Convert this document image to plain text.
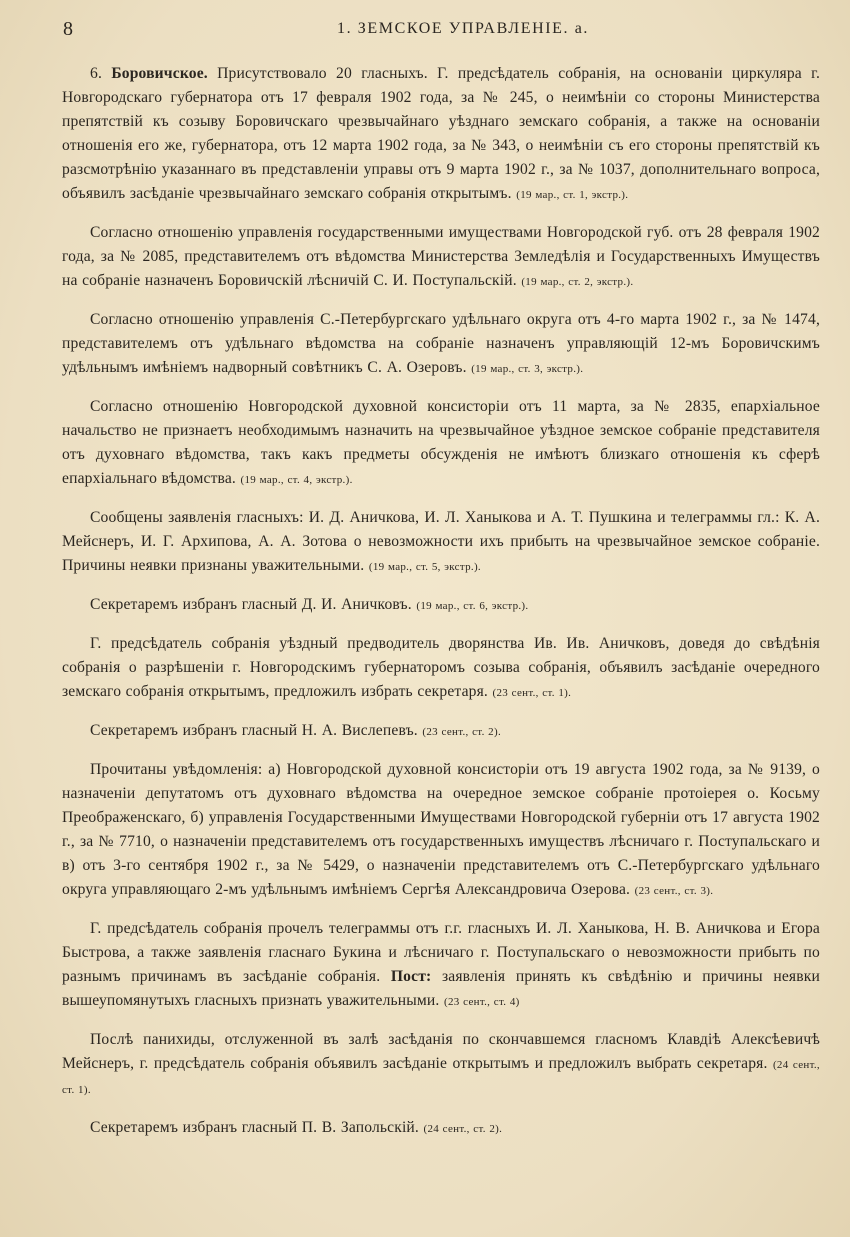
8	1. ЗЕМСКОЕ УПРАВЛЕНІЕ. а.

6. Боровичское. Присутствовало 20 гласныхъ. Г. предсѣдатель собранія, на основаніи циркуляра г. Новгородскаго губернатора отъ 17 февраля 1902 года, за № 245, о неимѣніи со стороны Министерства препятствій къ созыву Боровичскаго чрезвычайнаго уѣзднаго земскаго собранія, а также на основаніи отношенія его же, губернатора, отъ 12 марта 1902 года, за № 343, о неимѣніи съ его стороны препятствій къ разсмотрѣнію указаннаго въ представленіи управы отъ 9 марта 1902 г., за № 1037, дополнительнаго вопроса, объявилъ засѣданіе чрезвычайнаго земскаго собранія открытымъ. (19 мар., ст. 1, экстр.).

Согласно отношенію управленія государственными имуществами Новгородской губ. отъ 28 февраля 1902 года, за № 2085, представителемъ отъ вѣдомства Министерства Земледѣлія и Государственныхъ Имуществъ на собраніе назначенъ Боровичскій лѣсничій С. И. Поступальскій. (19 мар., ст. 2, экстр.).

Согласно отношенію управленія С.-Петербургскаго удѣльнаго округа отъ 4-го марта 1902 г., за № 1474, представителемъ отъ удѣльнаго вѣдомства на собраніе назначенъ управляющій 12-мъ Боровичскимъ удѣльнымъ имѣніемъ надворный совѣтникъ С. А. Озеровъ. (19 мар., ст. 3, экстр.).

Согласно отношенію Новгородской духовной консисторіи отъ 11 марта, за № 2835, епархіальное начальство не признаетъ необходимымъ назначить на чрезвычайное уѣздное земское собраніе представителя отъ духовнаго вѣдомства, такъ какъ предметы обсужденія не имѣютъ близкаго отношенія къ сферѣ епархіальнаго вѣдомства. (19 мар., ст. 4, экстр.).

Сообщены заявленія гласныхъ: И. Д. Аничкова, И. Л. Ханыкова и А. Т. Пушкина и телеграммы гл.: К. А. Мейснеръ, И. Г. Архипова, А. А. Зотова о невозможности ихъ прибыть на чрезвычайное земское собраніе. Причины неявки признаны уважительными. (19 мар., ст. 5, экстр.).

Секретаремъ избранъ гласный Д. И. Аничковъ. (19 мар., ст. 6, экстр.).

Г. предсѣдатель собранія уѣздный предводитель дворянства Ив. Ив. Аничковъ, доведя до свѣдѣнія собранія о разрѣшеніи г. Новгородскимъ губернаторомъ созыва собранія, объявилъ засѣданіе очередного земскаго собранія открытымъ, предложилъ избрать секретаря. (23 сент., ст. 1).

Секретаремъ избранъ гласный Н. А. Вислепевъ. (23 сент., ст. 2).

Прочитаны увѣдомленія: а) Новгородской духовной консисторіи отъ 19 августа 1902 года, за № 9139, о назначеніи депутатомъ отъ духовнаго вѣдомства на очередное земское собраніе протоіерея о. Косьму Преображенскаго, б) управленія Государственными Имуществами Новгородской губерніи отъ 17 августа 1902 г., за № 7710, о назначеніи представителемъ отъ государственныхъ имуществъ лѣсничаго г. Поступальскаго и в) отъ 3-го сентября 1902 г., за № 5429, о назначеніи представителемъ отъ С.-Петербургскаго удѣльнаго округа управляющаго 2-мъ удѣльнымъ имѣніемъ Сергѣя Александровича Озерова. (23 сент., ст. 3).

Г. предсѣдатель собранія прочелъ телеграммы отъ г.г. гласныхъ И. Л. Ханыкова, Н. В. Аничкова и Егора Быстрова, а также заявленія гласнаго Букина и лѣсничаго г. Поступальскаго о невозможности прибыть по разнымъ причинамъ въ засѣданіе собранія. Пост: заявленія принять къ свѣдѣнію и причины неявки вышеупомянутыхъ гласныхъ признать уважительными. (23 сент., ст. 4)

Послѣ панихиды, отслуженной въ залѣ засѣданія по скончавшемся гласномъ Клавдіѣ Алексѣевичѣ Мейснеръ, г. предсѣдатель собранія объявилъ засѣданіе открытымъ и предложилъ выбрать секретаря. (24 сент., ст. 1).

Секретаремъ избранъ гласный П. В. Запольскій. (24 сент., ст. 2).
